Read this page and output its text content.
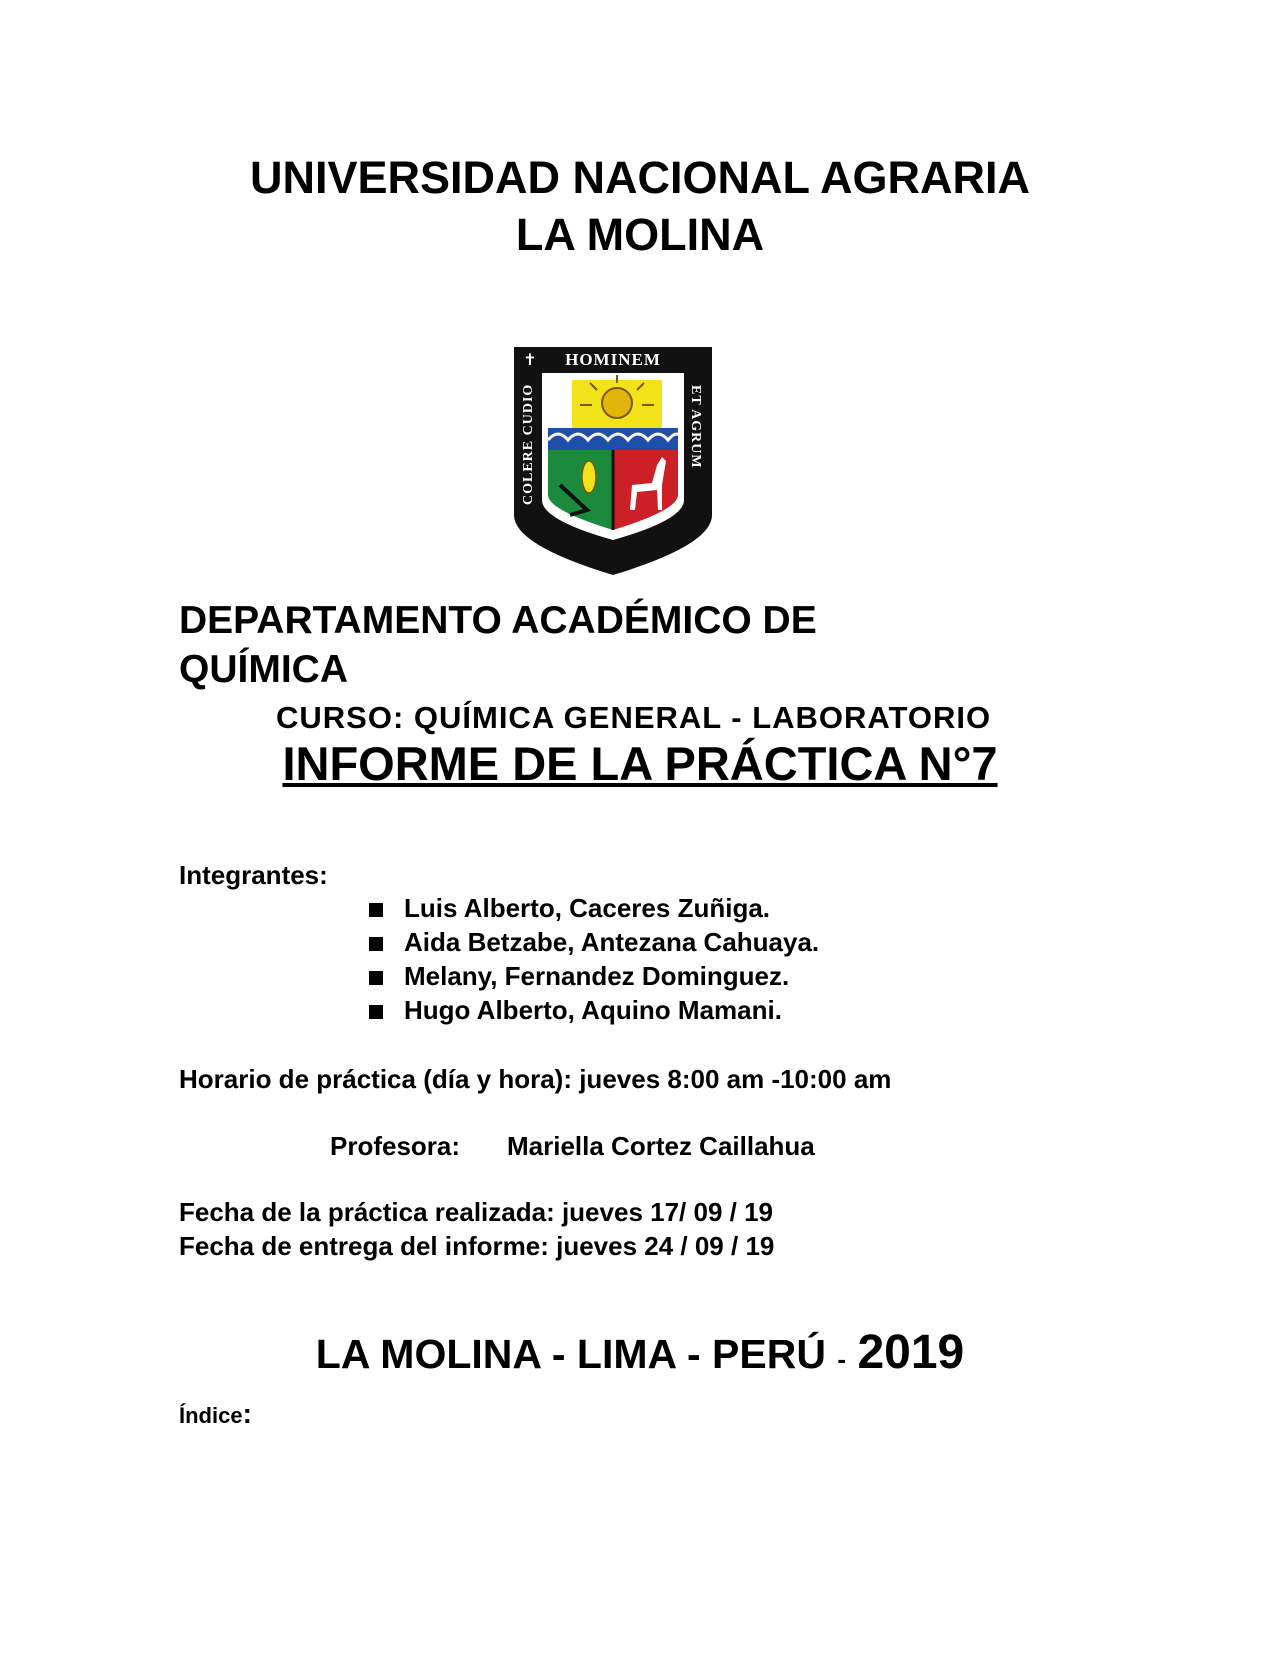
UNIVERSIDAD NACIONAL AGRARIA
LA MOLINA
HOMINEM
✝
COLERE CUDIO	ET AGRUM
DEPARTAMENTO ACADÉMICO DE
QUÍMICA
CURSO: QUÍMICA GENERAL - LABORATORIO
INFORME DE LA PRÁCTICA N°7
Integrantes:
Luis Alberto, Caceres Zuñiga.
Aida Betzabe, Antezana Cahuaya.
Melany, Fernandez Dominguez.
Hugo Alberto, Aquino Mamani.
Horario de práctica (día y hora): jueves 8:00 am -10:00 am
Profesora: Mariella Cortez Caillahua
Fecha de la práctica realizada: jueves 17/ 09 / 19
Fecha de entrega del informe: jueves 24 / 09 / 19
LA MOLINA - LIMA - PERÚ - 2019
Índice:
